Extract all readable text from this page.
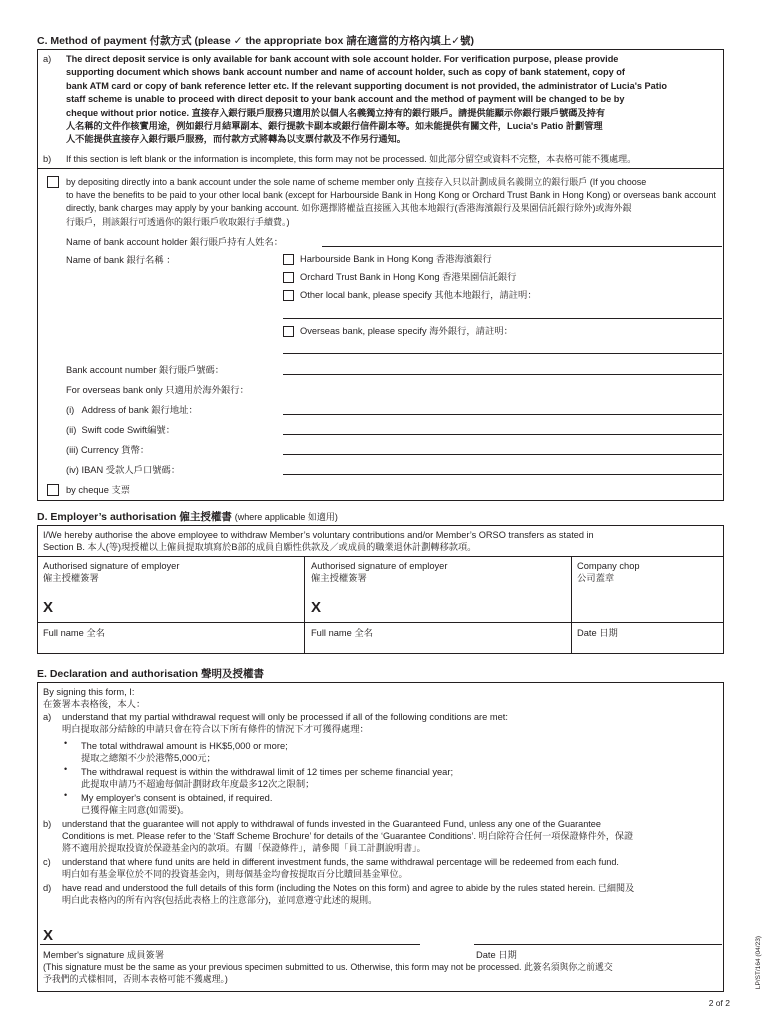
C. Method of payment 付款方式 (please ✓ the appropriate box 請在適當的方格內填上✓號)
a) The direct deposit service is only available for bank account with sole account holder. For verification purpose, please provide
supporting document which shows bank account number and name of account holder, such as copy of bank statement, copy of
bank ATM card or copy of bank reference letter etc. If the relevant supporting document is not provided, the administrator of Lucia's Patio
staff scheme is unable to proceed with direct deposit to your bank account and the method of payment will be changed to be by
cheque without prior notice. 直接存入銀行賬戶服務只適用於以個人名義獨立持有的銀行賬戶。請提供能顯示你銀行賬戶號碼及持有
人名稱的文件作核實用途，例如銀行月結單副本、銀行提款卡副本或銀行信件副本等。如未能提供有關文件，Lucia's Patio 計劃管理
人不能提供直接存入銀行賬戶服務，而付款方式將轉為以支票付款及不作另行通知。
b) If this section is left blank or the information is incomplete, this form may not be processed. 如此部分留空或資料不完整，本表格可能不獲處理。
by depositing directly into a bank account under the sole name of scheme member only 直接存入只以計劃成員名義開立的銀行賬戶 (If you choose
to have the benefits to be paid to your other local bank (except for Harbourside Bank in Hong Kong or Orchard Trust Bank in Hong Kong) or overseas bank account
directly, bank charges may apply by your banking account. 如你選擇將權益直接匯入其他本地銀行(香港海濱銀行及果園信託銀行除外)或海外銀
行賬戶，則該銀行可透過你的銀行賬戶收取銀行手續費。)
Name of bank account holder 銀行賬戶持有人姓名：
Name of bank 銀行名稱 ：	Harbourside Bank in Hong Kong 香港海濱銀行
Orchard Trust Bank in Hong Kong 香港果園信託銀行
Other local bank, please specify 其他本地銀行，請註明：
Overseas bank, please specify 海外銀行，請註明：
Bank account number 銀行賬戶號碼：
For overseas bank only 只適用於海外銀行：
(i)   Address of bank 銀行地址：
(ii)  Swift code Swift編號：
(iii) Currency 貨幣：
(iv) IBAN 受款人戶口號碼：
by cheque 支票
D. Employer’s authorisation 僱主授權書 (where applicable 如適用)
I/We hereby authorise the above employee to withdraw Member’s voluntary contributions and/or Member’s ORSO transfers as stated in
Section B. 本人(等)現授權以上僱員提取填寫於B部的成員自願性供款及／或成員的職業退休計劃轉移款項。
Authorised signature of employer
僱主授權簽署
X
Authorised signature of employer
僱主授權簽署
X
Company chop
公司蓋章
Full name 全名	Full name 全名	Date 日期
E. Declaration and authorisation 聲明及授權書
By signing this form, I:
在簽署本表格後，本人：
a) understand that my partial withdrawal request will only be processed if all of the following conditions are met:
明白提取部分結餘的申請只會在符合以下所有條件的情況下才可獲得處理：
• The total withdrawal amount is HK$5,000 or more;
提取之總額不少於港幣5,000元；
• The withdrawal request is within the withdrawal limit of 12 times per scheme financial year;
此提取申請乃不超逾每個計劃財政年度最多12次之限制；
• My employer's consent is obtained, if required.
已獲得僱主同意(如需要)。
b) understand that the guarantee will not apply to withdrawal of funds invested in the Guaranteed Fund, unless any one of the Guarantee
Conditions is met. Please refer to the ‘Staff Scheme Brochure’ for details of the ‘Guarantee Conditions’. 明白除符合任何一項保證條件外，保證
將不適用於提取投資於保證基金內的款項。有關「保證條件」，請參閱「員工計劃說明書」。
c) understand that where fund units are held in different investment funds, the same withdrawal percentage will be redeemed from each fund.
明白如有基金單位於不同的投資基金內，則每個基金均會按提取百分比贖回基金單位。
d) have read and understood the full details of this form (including the Notes on this form) and agree to abide by the rules stated herein. 已細閱及
明白此表格內的所有內容(包括此表格上的注意部分)，並同意遵守此述的規則。
X
Member's signature 成員簽署	Date 日期
(This signature must be the same as your previous specimen submitted to us. Otherwise, this form may not be processed. 此簽名須與你之前遞交
予我們的式樣相同，否則本表格可能不獲處理。)	LP/ST/164 (04/23)
2 of 2
